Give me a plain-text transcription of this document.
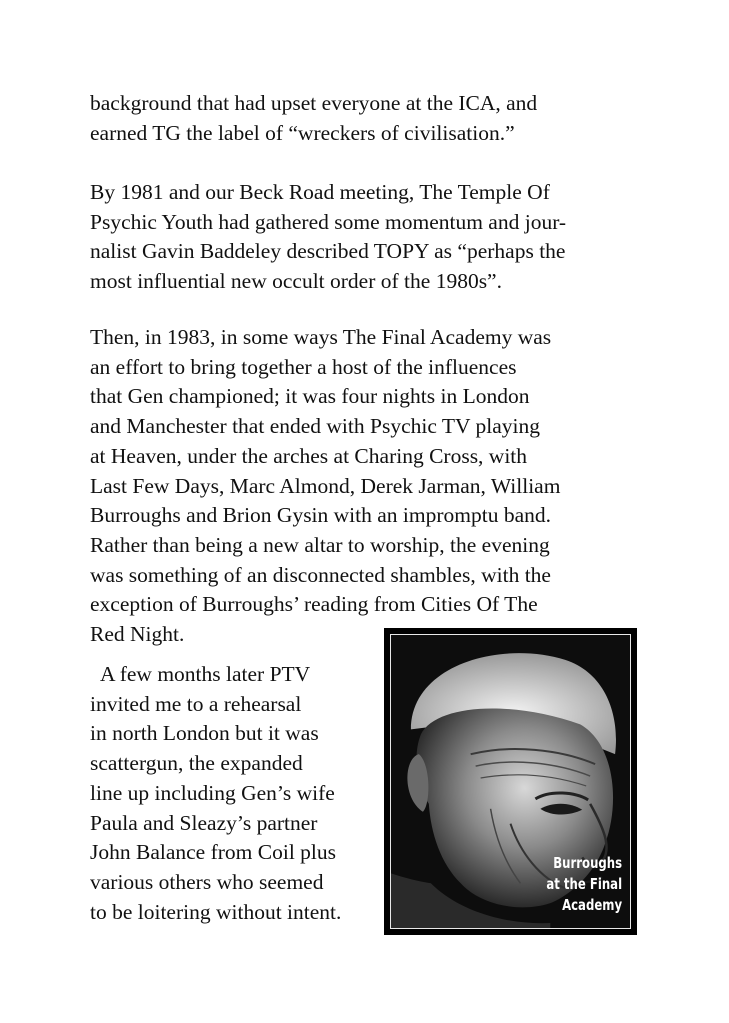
background that had upset everyone at the ICA, and
earned TG the label of “wreckers of civilisation.”

By 1981 and our Beck Road meeting, The Temple Of
Psychic Youth had gathered some momentum and jour-
nalist Gavin Baddeley described TOPY as “perhaps the
most influential new occult order of the 1980s”.

Then, in 1983, in some ways The Final Academy was
an effort to bring together a host of the influences
that Gen championed; it was four nights in London
and Manchester that ended with Psychic TV playing
at Heaven, under the arches at Charing Cross, with
Last Few Days, Marc Almond, Derek Jarman, William
Burroughs and Brion Gysin with an impromptu band.
Rather than being a new altar to worship, the evening
was something of an disconnected shambles, with the
exception of Burroughs’ reading from Cities Of The
Red Night.

A few months later PTV
invited me to a rehearsal
in north London but it was
scattergun, the expanded
line up including Gen’s wife
Paula and Sleazy’s partner
John Balance from Coil plus
various others who seemed
to be loitering without intent.

Burroughs
at the Final
Academy
